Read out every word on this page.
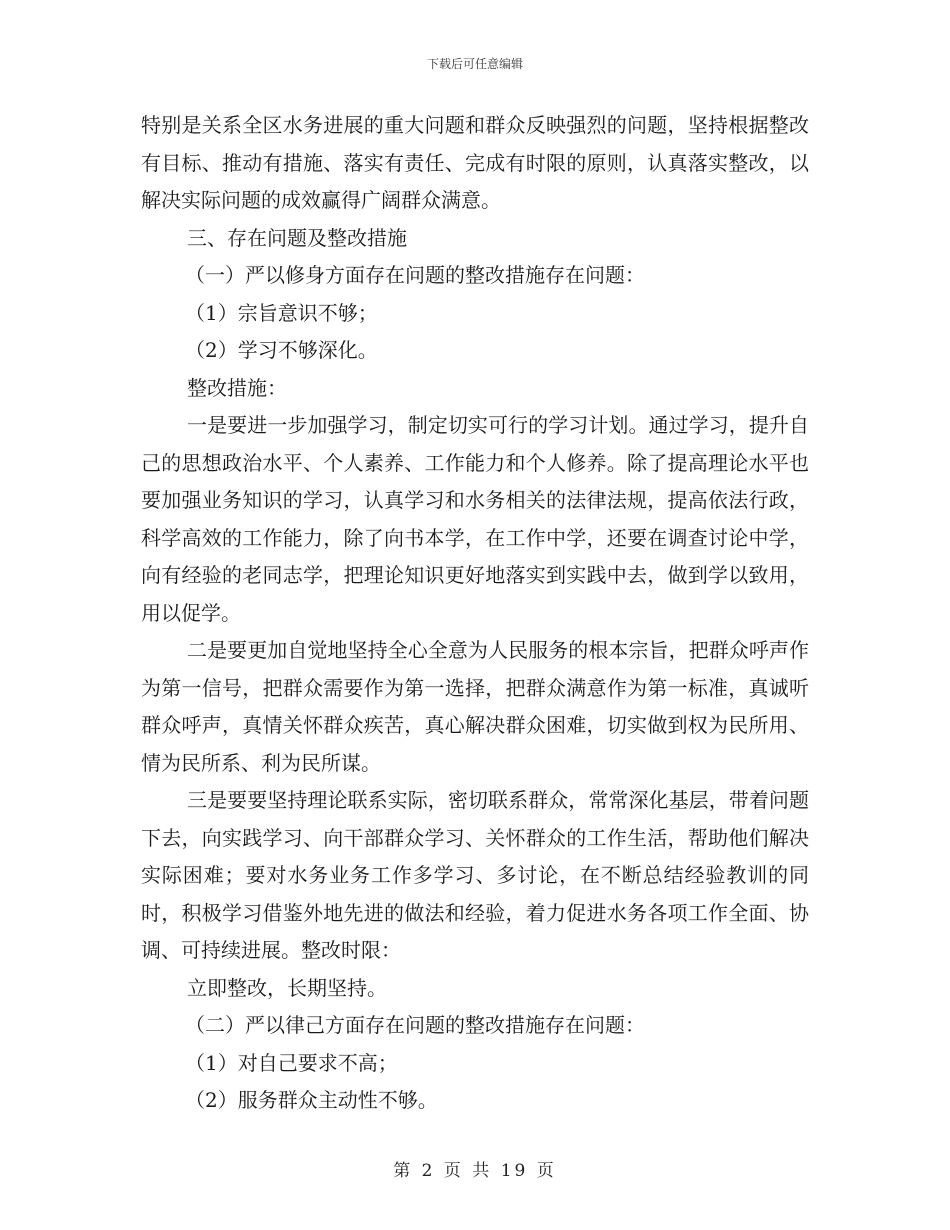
下载后可任意编辑

特别是关系全区水务进展的重大问题和群众反映强烈的问题，坚持根据整改有目标、推动有措施、落实有责任、完成有时限的原则，认真落实整改，以解决实际问题的成效赢得广阔群众满意。

三、存在问题及整改措施

（一）严以修身方面存在问题的整改措施存在问题：

（1）宗旨意识不够；

（2）学习不够深化。

整改措施：

一是要进一步加强学习，制定切实可行的学习计划。通过学习，提升自己的思想政治水平、个人素养、工作能力和个人修养。除了提高理论水平也要加强业务知识的学习，认真学习和水务相关的法律法规，提高依法行政，科学高效的工作能力，除了向书本学，在工作中学，还要在调查讨论中学，向有经验的老同志学，把理论知识更好地落实到实践中去，做到学以致用，用以促学。

二是要更加自觉地坚持全心全意为人民服务的根本宗旨，把群众呼声作为第一信号，把群众需要作为第一选择，把群众满意作为第一标准，真诚听群众呼声，真情关怀群众疾苦，真心解决群众困难，切实做到权为民所用、情为民所系、利为民所谋。

三是要要坚持理论联系实际，密切联系群众，常常深化基层，带着问题下去，向实践学习、向干部群众学习、关怀群众的工作生活，帮助他们解决实际困难；要对水务业务工作多学习、多讨论，在不断总结经验教训的同时，积极学习借鉴外地先进的做法和经验，着力促进水务各项工作全面、协调、可持续进展。整改时限：

立即整改，长期坚持。

（二）严以律己方面存在问题的整改措施存在问题：

（1）对自己要求不高；

（2）服务群众主动性不够。

第 2 页 共 19 页
